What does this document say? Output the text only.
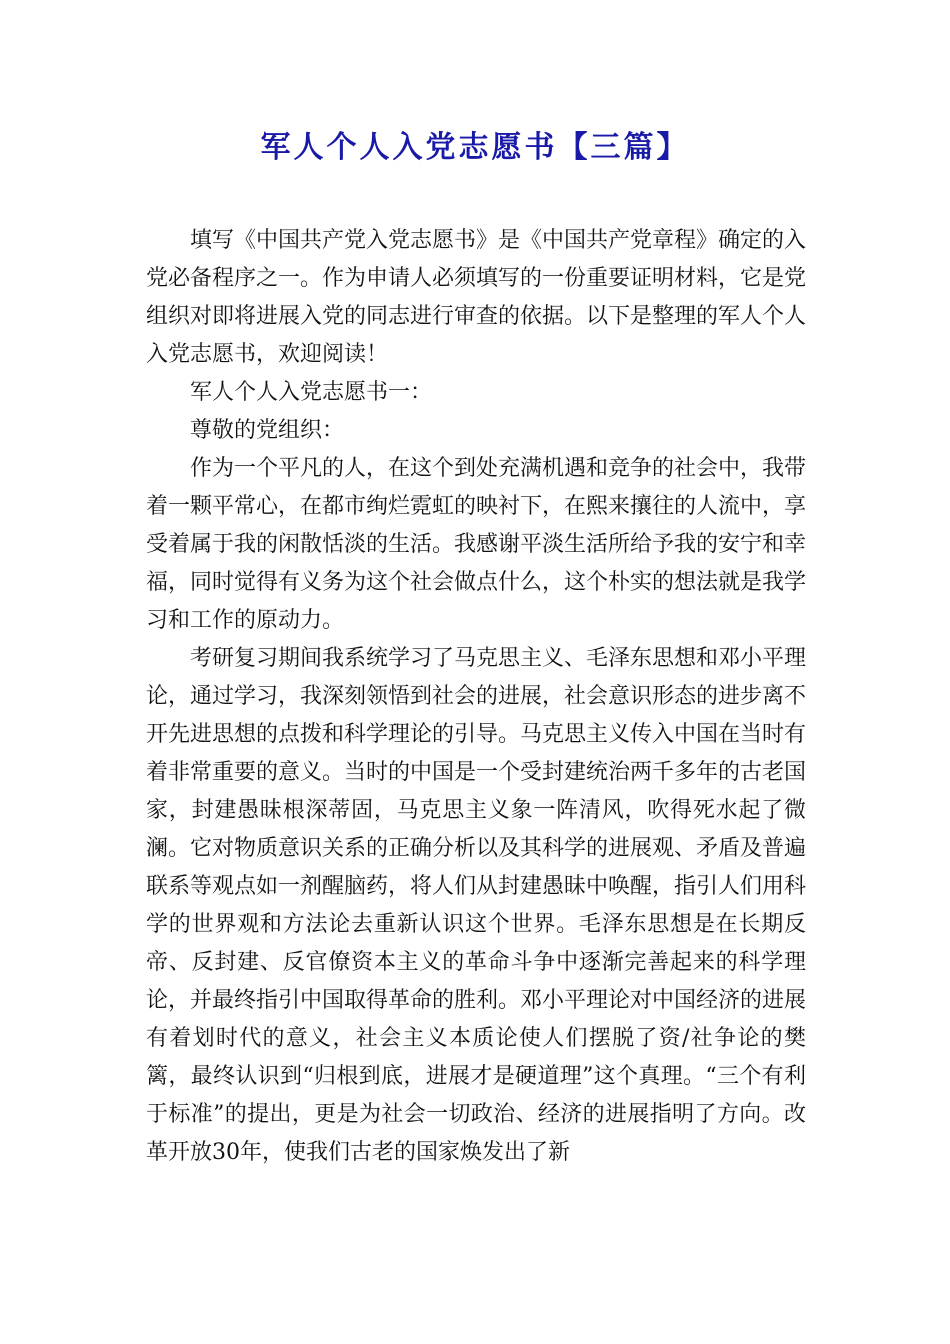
军人个人入党志愿书【三篇】

填写《中国共产党入党志愿书》是《中国共产党章程》确定的入党必备程序之一。作为申请人必须填写的一份重要证明材料，它是党组织对即将进展入党的同志进行审查的依据。以下是整理的军人个人入党志愿书，欢迎阅读！

军人个人入党志愿书一：

尊敬的党组织：

作为一个平凡的人，在这个到处充满机遇和竞争的社会中，我带着一颗平常心，在都市绚烂霓虹的映衬下，在熙来攘往的人流中，享受着属于我的闲散恬淡的生活。我感谢平淡生活所给予我的安宁和幸福，同时觉得有义务为这个社会做点什么，这个朴实的想法就是我学习和工作的原动力。

考研复习期间我系统学习了马克思主义、毛泽东思想和邓小平理论，通过学习，我深刻领悟到社会的进展，社会意识形态的进步离不开先进思想的点拨和科学理论的引导。马克思主义传入中国在当时有着非常重要的意义。当时的中国是一个受封建统治两千多年的古老国家，封建愚昧根深蒂固，马克思主义象一阵清风，吹得死水起了微澜。它对物质意识关系的正确分析以及其科学的进展观、矛盾及普遍联系等观点如一剂醒脑药，将人们从封建愚昧中唤醒，指引人们用科学的世界观和方法论去重新认识这个世界。毛泽东思想是在长期反帝、反封建、反官僚资本主义的革命斗争中逐渐完善起来的科学理论，并最终指引中国取得革命的胜利。邓小平理论对中国经济的进展有着划时代的意义，社会主义本质论使人们摆脱了资/社争论的樊篱，最终认识到“归根到底，进展才是硬道理”这个真理。“三个有利于标准”的提出，更是为社会一切政治、经济的进展指明了方向。改革开放30年，使我们古老的国家焕发出了新
